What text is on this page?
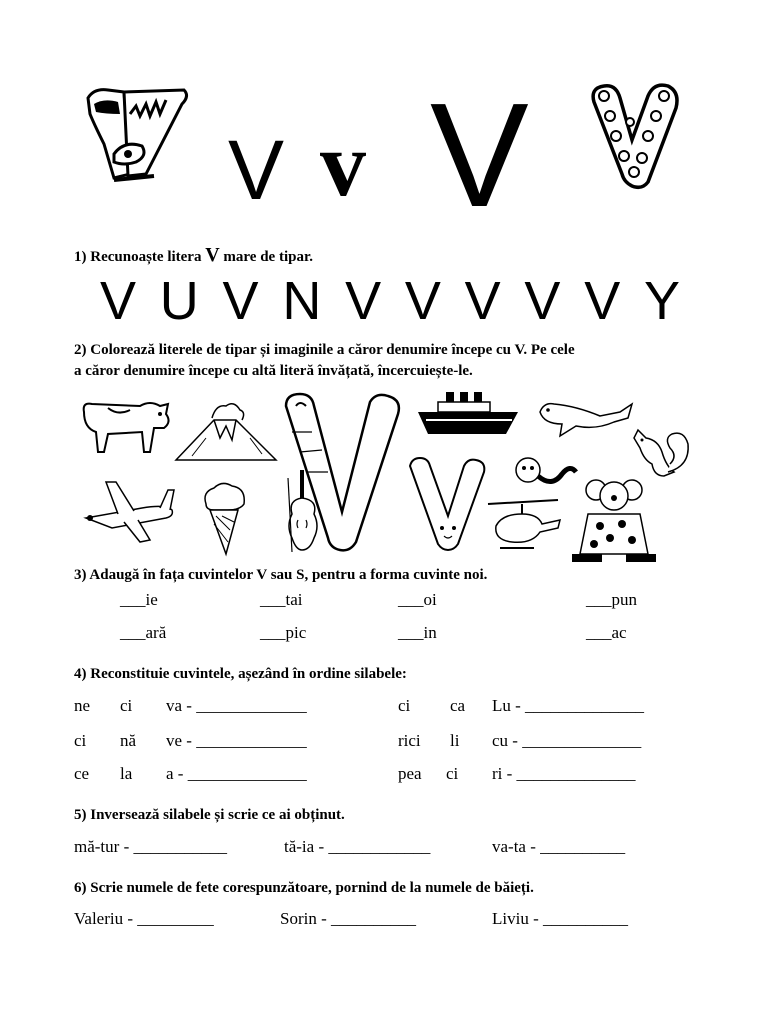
V v V
1) Recunoaște litera V mare de tipar.
V U V N V V V V V Y
2) Colorează literele de tipar și imaginile a căror denumire începe cu V. Pe cele
a căror denumire începe cu altă literă învățată, încercuiește-le.
3) Adaugă în fața cuvintelor V sau S, pentru a forma cuvinte noi.
___ie	___tai	___oi	___pun
___ară	___pic	___in	___ac
4) Reconstituie cuvintele, așezând în ordine silabele:
ne ci va - _____________	ci ca Lu - ______________
ci nă ve - _____________	rici li cu - ______________
ce la a - ______________	pea ci ri - ______________
5) Inversează silabele și scrie ce ai obținut.
mă-tur - ___________	tă-ia - ____________	va-ta - __________
6) Scrie numele de fete corespunzătoare, pornind de la numele de băieți.
Valeriu - _________	Sorin - __________	Liviu - __________
